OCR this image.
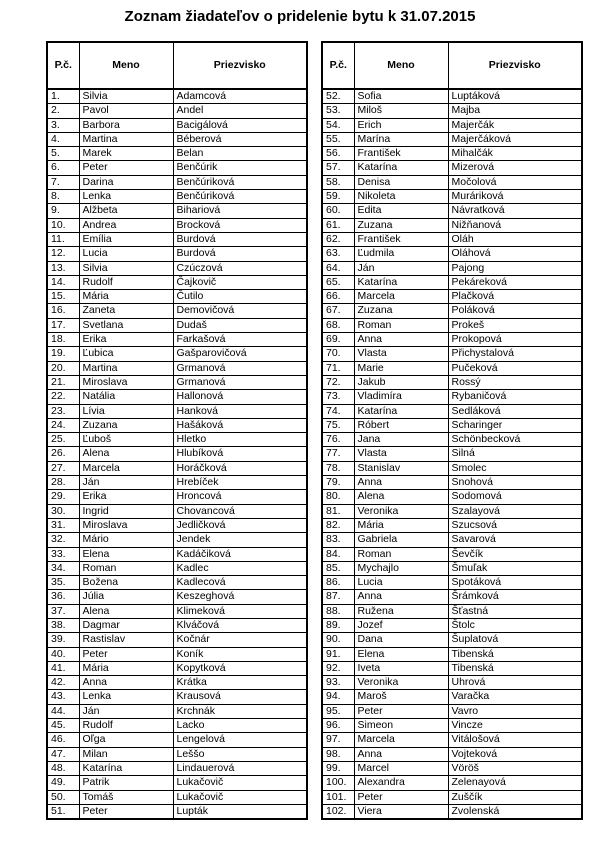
Zoznam žiadateľov o pridelenie bytu k 31.07.2015
P.č.	Meno	Priezvisko
1.	Silvia	Adamcová
2.	Pavol	Andel
3.	Barbora	Bacigálová
4.	Martina	Béberová
5.	Marek	Belan
6.	Peter	Benčúrik
7.	Darina	Benčúriková
8.	Lenka	Benčúriková
9.	Alžbeta	Bihariová
10.	Andrea	Brocková
11.	Emília	Burdová
12.	Lucia	Burdová
13.	Silvia	Czúczová
14.	Rudolf	Čajkovič
15.	Mária	Čutilo
16.	Zaneta	Demovičová
17.	Svetlana	Dudaš
18.	Erika	Farkašová
19.	Ľubica	Gašparovičová
20.	Martina	Grmanová
21.	Miroslava	Grmanová
22.	Natália	Hallonová
23.	Lívia	Hanková
24.	Zuzana	Hašáková
25.	Ľuboš	Hletko
26.	Alena	Hlubíková
27.	Marcela	Horáčková
28.	Ján	Hrebíček
29.	Erika	Hroncová
30.	Ingrid	Chovancová
31.	Miroslava	Jedličková
32.	Mário	Jendek
33.	Elena	Kadáčiková
34.	Roman	Kadlec
35.	Božena	Kadlecová
36.	Júlia	Keszeghová
37.	Alena	Klimeková
38.	Dagmar	Klváčová
39.	Rastislav	Kočnár
40.	Peter	Koník
41.	Mária	Kopytková
42.	Anna	Krátka
43.	Lenka	Krausová
44.	Ján	Krchnák
45.	Rudolf	Lacko
46.	Oľga	Lengelová
47.	Milan	Leššo
48.	Katarína	Lindauerová
49.	Patrik	Lukačovič
50.	Tomáš	Lukačovič
51.	Peter	Lupták
P.č.	Meno	Priezvisko
52.	Sofia	Luptáková
53.	Miloš	Majba
54.	Erich	Majerčák
55.	Marína	Majerčáková
56.	František	Mihalčák
57.	Katarína	Mizerová
58.	Denisa	Močolová
59.	Nikoleta	Muráriková
60.	Edita	Návratková
61.	Zuzana	Nižňanová
62.	František	Oláh
63.	Ľudmila	Oláhová
64.	Ján	Pajong
65.	Katarína	Pekáreková
66.	Marcela	Plačková
67.	Zuzana	Poláková
68.	Roman	Prokeš
69.	Anna	Prokopová
70.	Vlasta	Přichystalová
71.	Marie	Pučeková
72.	Jakub	Rossý
73.	Vladimíra	Rybaničová
74.	Katarína	Sedláková
75.	Róbert	Scharinger
76.	Jana	Schönbecková
77.	Vlasta	Silná
78.	Stanislav	Smolec
79.	Anna	Snohová
80.	Alena	Sodomová
81.	Veronika	Szalayová
82.	Mária	Szucsová
83.	Gabriela	Savarová
84.	Roman	Ševčík
85.	Mychajlo	Šmuľak
86.	Lucia	Spotáková
87.	Anna	Šrámková
88.	Ružena	Šťastná
89.	Jozef	Štolc
90.	Dana	Šuplatová
91.	Elena	Tibenská
92.	Iveta	Tibenská
93.	Veronika	Uhrová
94.	Maroš	Varačka
95.	Peter	Vavro
96.	Simeon	Vincze
97.	Marcela	Vitálošová
98.	Anna	Vojteková
99.	Marcel	Vöröš
100.	Alexandra	Zelenayová
101.	Peter	Zuščík
102.	Viera	Zvolenská
